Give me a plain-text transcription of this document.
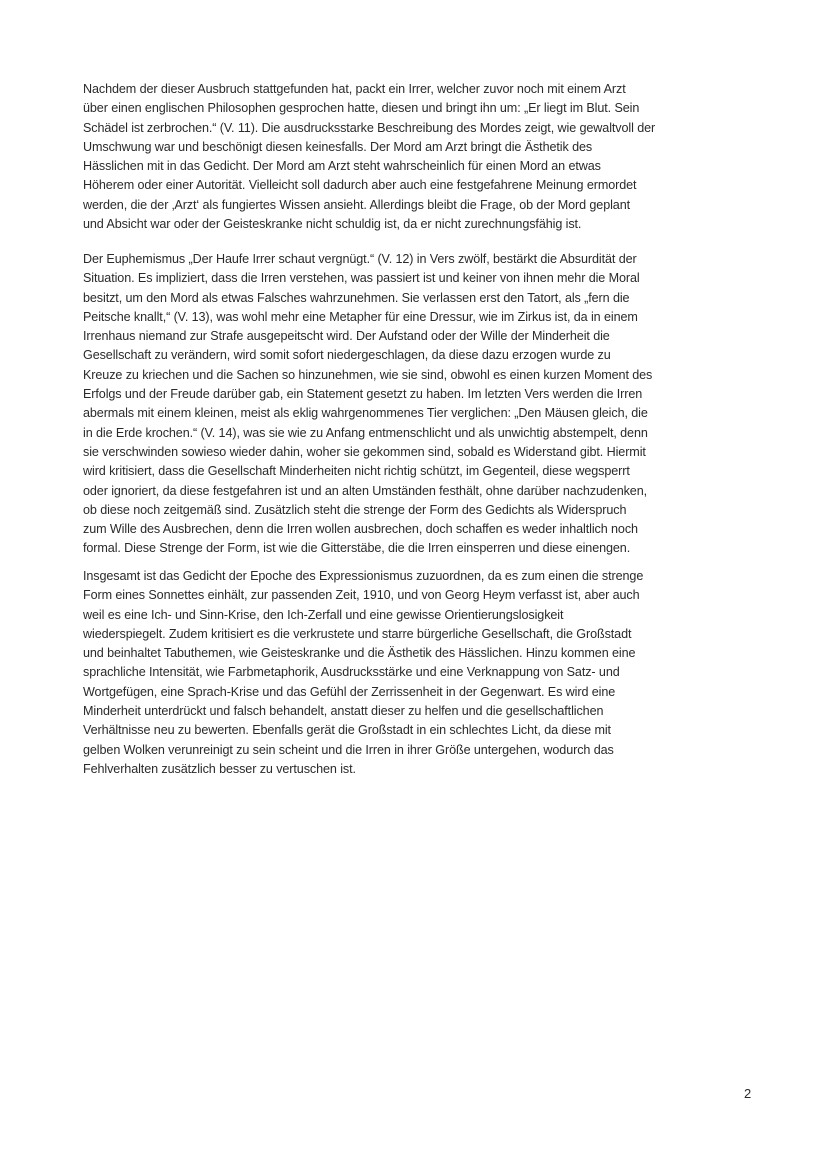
Nachdem der dieser Ausbruch stattgefunden hat, packt ein Irrer, welcher zuvor noch mit einem Arzt
über einen englischen Philosophen gesprochen hatte, diesen und bringt ihn um: „Er liegt im Blut. Sein
Schädel ist zerbrochen.“ (V. 11). Die ausdrucksstarke Beschreibung des Mordes zeigt, wie gewaltvoll der
Umschwung war und beschönigt diesen keinesfalls. Der Mord am Arzt bringt die Ästhetik des
Hässlichen mit in das Gedicht. Der Mord am Arzt steht wahrscheinlich für einen Mord an etwas
Höherem oder einer Autorität. Vielleicht soll dadurch aber auch eine festgefahrene Meinung ermordet
werden, die der ‚Arzt‘ als fungiertes Wissen ansieht. Allerdings bleibt die Frage, ob der Mord geplant
und Absicht war oder der Geisteskranke nicht schuldig ist, da er nicht zurechnungsfähig ist.
Der Euphemismus „Der Haufe Irrer schaut vergnügt.“ (V. 12) in Vers zwölf, bestärkt die Absurdität der
Situation. Es impliziert, dass die Irren verstehen, was passiert ist und keiner von ihnen mehr die Moral
besitzt, um den Mord als etwas Falsches wahrzunehmen. Sie verlassen erst den Tatort, als „fern die
Peitsche knallt,“ (V. 13), was wohl mehr eine Metapher für eine Dressur, wie im Zirkus ist, da in einem
Irrenhaus niemand zur Strafe ausgepeitscht wird. Der Aufstand oder der Wille der Minderheit die
Gesellschaft zu verändern, wird somit sofort niedergeschlagen, da diese dazu erzogen wurde zu
Kreuze zu kriechen und die Sachen so hinzunehmen, wie sie sind, obwohl es einen kurzen Moment des
Erfolgs und der Freude darüber gab, ein Statement gesetzt zu haben. Im letzten Vers werden die Irren
abermals mit einem kleinen, meist als eklig wahrgenommenes Tier verglichen: „Den Mäusen gleich, die
in die Erde krochen.“ (V. 14), was sie wie zu Anfang entmenschlicht und als unwichtig abstempelt, denn
sie verschwinden sowieso wieder dahin, woher sie gekommen sind, sobald es Widerstand gibt. Hiermit
wird kritisiert, dass die Gesellschaft Minderheiten nicht richtig schützt, im Gegenteil, diese wegsperrt
oder ignoriert, da diese festgefahren ist und an alten Umständen festhält, ohne darüber nachzudenken,
ob diese noch zeitgemäß sind. Zusätzlich steht die strenge der Form des Gedichts als Widerspruch
zum Wille des Ausbrechen, denn die Irren wollen ausbrechen, doch schaffen es weder inhaltlich noch
formal. Diese Strenge der Form, ist wie die Gitterstäbe, die die Irren einsperren und diese einengen.
Insgesamt ist das Gedicht der Epoche des Expressionismus zuzuordnen, da es zum einen die strenge
Form eines Sonnettes einhält, zur passenden Zeit, 1910, und von Georg Heym verfasst ist, aber auch
weil es eine Ich- und Sinn-Krise, den Ich-Zerfall und eine gewisse Orientierungslosigkeit
wiederspiegelt. Zudem kritisiert es die verkrustete und starre bürgerliche Gesellschaft, die Großstadt
und beinhaltet Tabuthemen, wie Geisteskranke und die Ästhetik des Hässlichen. Hinzu kommen eine
sprachliche Intensität, wie Farbmetaphorik, Ausdrucksstärke und eine Verknappung von Satz- und
Wortgefügen, eine Sprach-Krise und das Gefühl der Zerrissenheit in der Gegenwart. Es wird eine
Minderheit unterdrückt und falsch behandelt, anstatt dieser zu helfen und die gesellschaftlichen
Verhältnisse neu zu bewerten. Ebenfalls gerät die Großstadt in ein schlechtes Licht, da diese mit
gelben Wolken verunreinigt zu sein scheint und die Irren in ihrer Größe untergehen, wodurch das
Fehlverhalten zusätzlich besser zu vertuschen ist.
2
